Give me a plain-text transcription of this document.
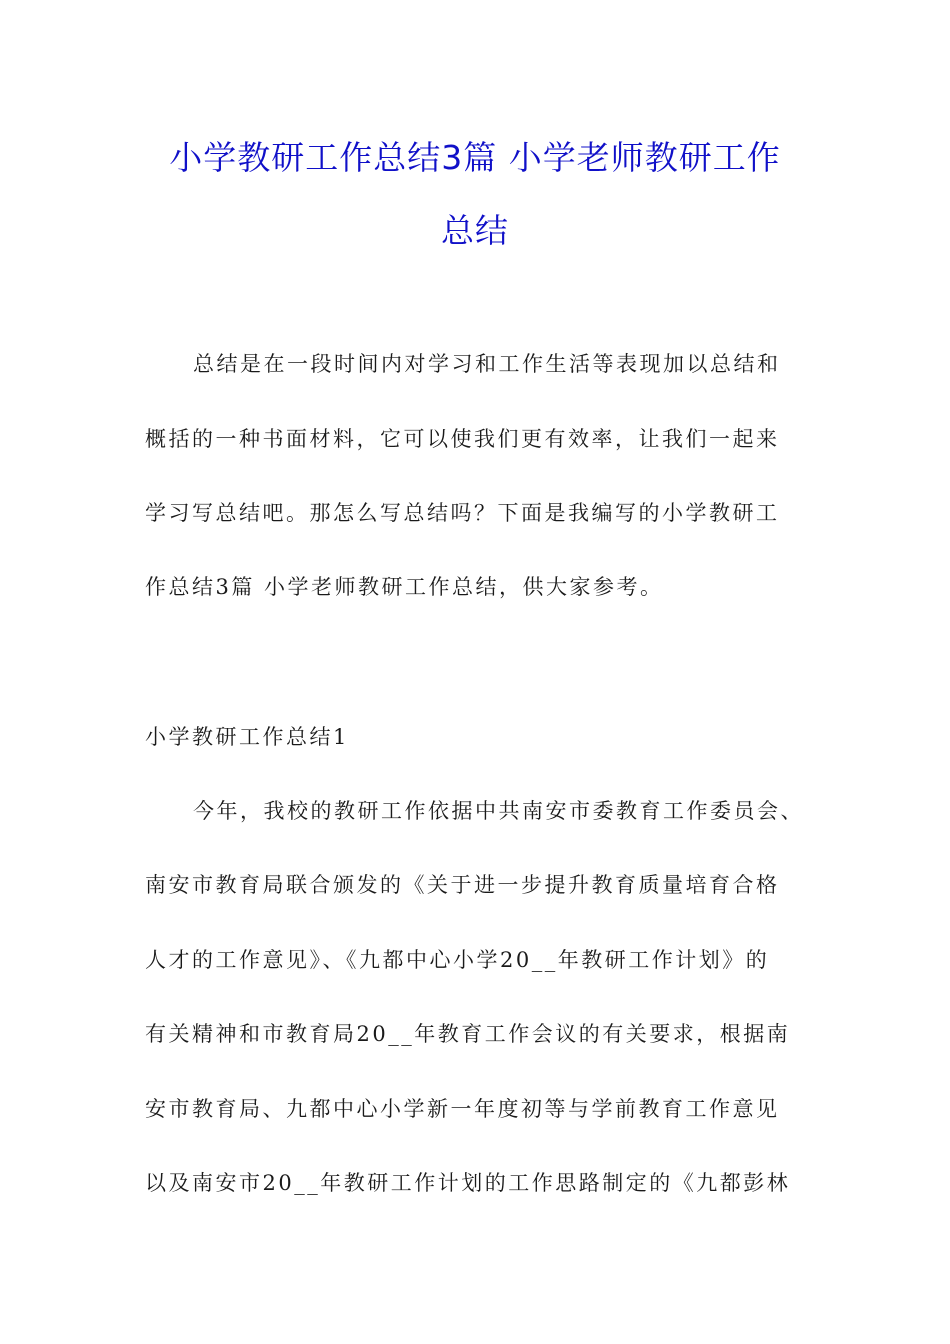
小学教研工作总结3篇 小学老师教研工作
总结
总结是在一段时间内对学习和工作生活等表现加以总结和
概括的一种书面材料，它可以使我们更有效率，让我们一起来
学习写总结吧。那怎么写总结吗？下面是我编写的小学教研工
作总结3篇 小学老师教研工作总结，供大家参考。
小学教研工作总结1
今年，我校的教研工作依据中共南安市委教育工作委员会、
南安市教育局联合颁发的《关于进一步提升教育质量培育合格
人才的工作意见》、《九都中心小学20__年教研工作计划》的
有关精神和市教育局20__年教育工作会议的有关要求，根据南
安市教育局、九都中心小学新一年度初等与学前教育工作意见
以及南安市20__年教研工作计划的工作思路制定的《九都彭林
